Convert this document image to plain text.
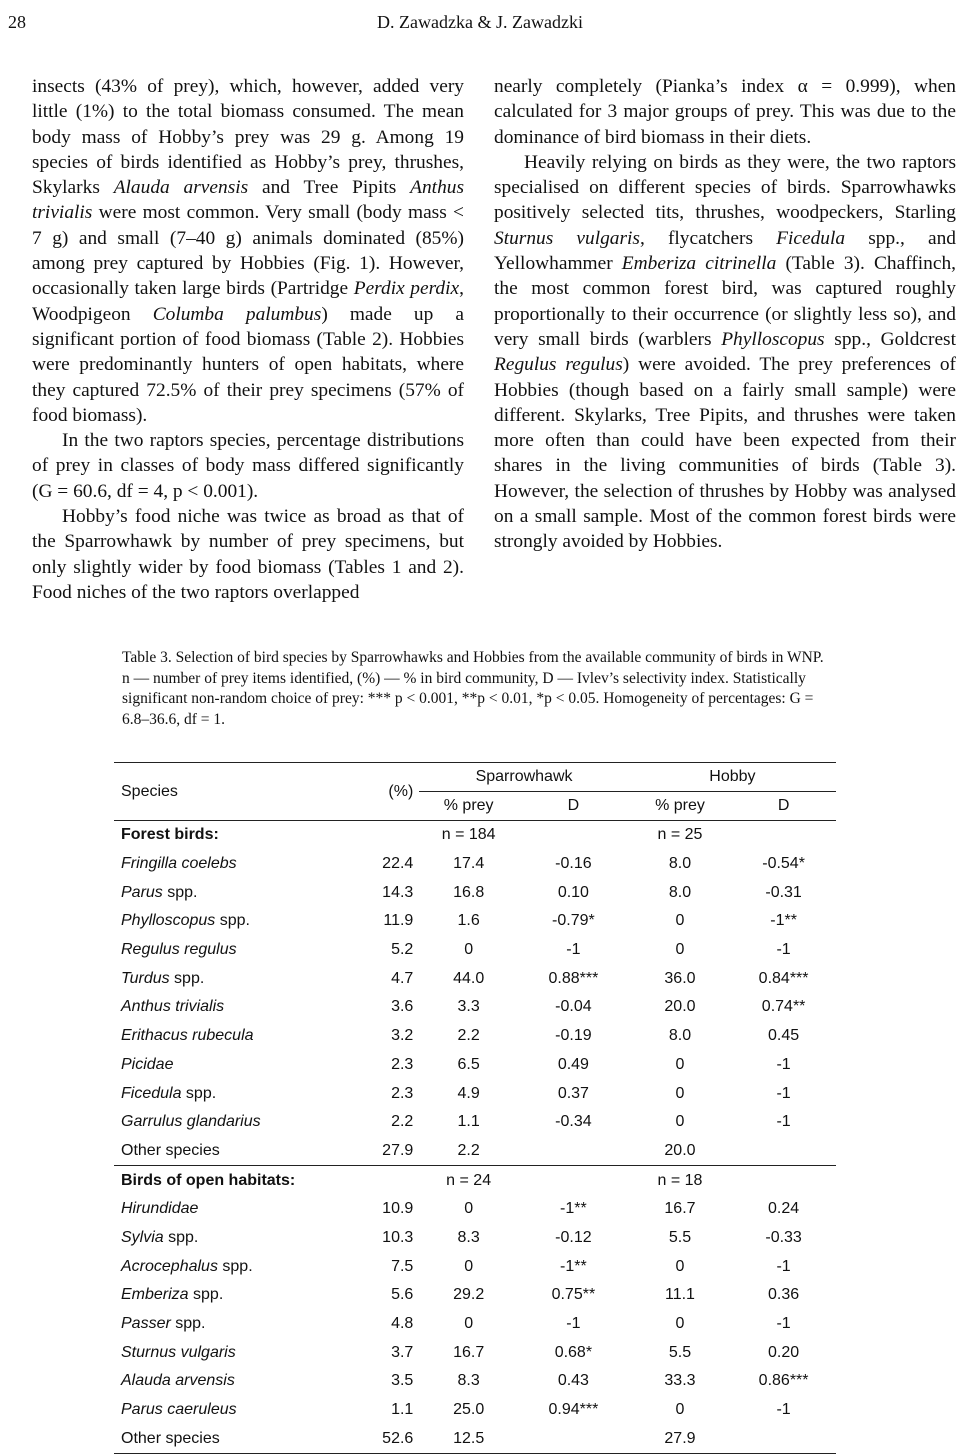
28	D. Zawadzka & J. Zawadzki

insects (43% of prey), which, however, added very little (1%) to the total biomass consumed. The mean body mass of Hobby’s prey was 29 g. Among 19 species of birds identified as Hobby’s prey, thrushes, Skylarks Alauda arvensis and Tree Pipits Anthus trivialis were most common. Very small (body mass < 7 g) and small (7–40 g) animals dominated (85%) among prey captured by Hobbies (Fig. 1). However, occasionally taken large birds (Partridge Perdix perdix, Woodpigeon Columba palumbus) made up a significant portion of food biomass (Table 2). Hobbies were predominantly hunters of open habitats, where they captured 72.5% of their prey specimens (57% of food biomass).

In the two raptors species, percentage distributions of prey in classes of body mass differed significantly (G = 60.6, df = 4, p < 0.001).

Hobby’s food niche was twice as broad as that of the Sparrowhawk by number of prey specimens, but only slightly wider by food biomass (Tables 1 and 2). Food niches of the two raptors overlapped

nearly completely (Pianka’s index α = 0.999), when calculated for 3 major groups of prey. This was due to the dominance of bird biomass in their diets.

Heavily relying on birds as they were, the two raptors specialised on different species of birds. Sparrowhawks positively selected tits, thrushes, woodpeckers, Starling Sturnus vulgaris, flycatchers Ficedula spp., and Yellowhammer Emberiza citrinella (Table 3). Chaffinch, the most common forest bird, was captured roughly proportionally to their occurrence (or slightly less so), and very small birds (warblers Phylloscopus spp., Goldcrest Regulus regulus) were avoided. The prey preferences of Hobbies (though based on a fairly small sample) were different. Skylarks, Tree Pipits, and thrushes were taken more often than could have been expected from their shares in the living communities of birds (Table 3). However, the selection of thrushes by Hobby was analysed on a small sample. Most of the common forest birds were strongly avoided by Hobbies.

Table 3. Selection of bird species by Sparrowhawks and Hobbies from the available community of birds in WNP. n — number of prey items identified, (%) — % in bird community, D — Ivlev’s selectivity index. Statistically significant non-random choice of prey: *** p < 0.001, **p < 0.01, *p < 0.05. Homogeneity of percentages: G = 6.8–36.6, df = 1.

Species	(%)	Sparrowhawk		Hobby	
		% prey	D	% prey	D
Forest birds:		n = 184		n = 25	
Fringilla coelebs	22.4	17.4	-0.16	8.0	-0.54*
Parus spp.	14.3	16.8	0.10	8.0	-0.31
Phylloscopus spp.	11.9	1.6	-0.79*	0	-1**
Regulus regulus	5.2	0	-1	0	-1
Turdus spp.	4.7	44.0	0.88***	36.0	0.84***
Anthus trivialis	3.6	3.3	-0.04	20.0	0.74**
Erithacus rubecula	3.2	2.2	-0.19	8.0	0.45
Picidae	2.3	6.5	0.49	0	-1
Ficedula spp.	2.3	4.9	0.37	0	-1
Garrulus glandarius	2.2	1.1	-0.34	0	-1
Other species	27.9	2.2		20.0	
Birds of open habitats:		n = 24		n = 18	
Hirundidae	10.9	0	-1**	16.7	0.24
Sylvia spp.	10.3	8.3	-0.12	5.5	-0.33
Acrocephalus spp.	7.5	0	-1**	0	-1
Emberiza spp.	5.6	29.2	0.75**	11.1	0.36
Passer spp.	4.8	0	-1	0	-1
Sturnus vulgaris	3.7	16.7	0.68*	5.5	0.20
Alauda arvensis	3.5	8.3	0.43	33.3	0.86***
Parus caeruleus	1.1	25.0	0.94***	0	-1
Other species	52.6	12.5		27.9	
